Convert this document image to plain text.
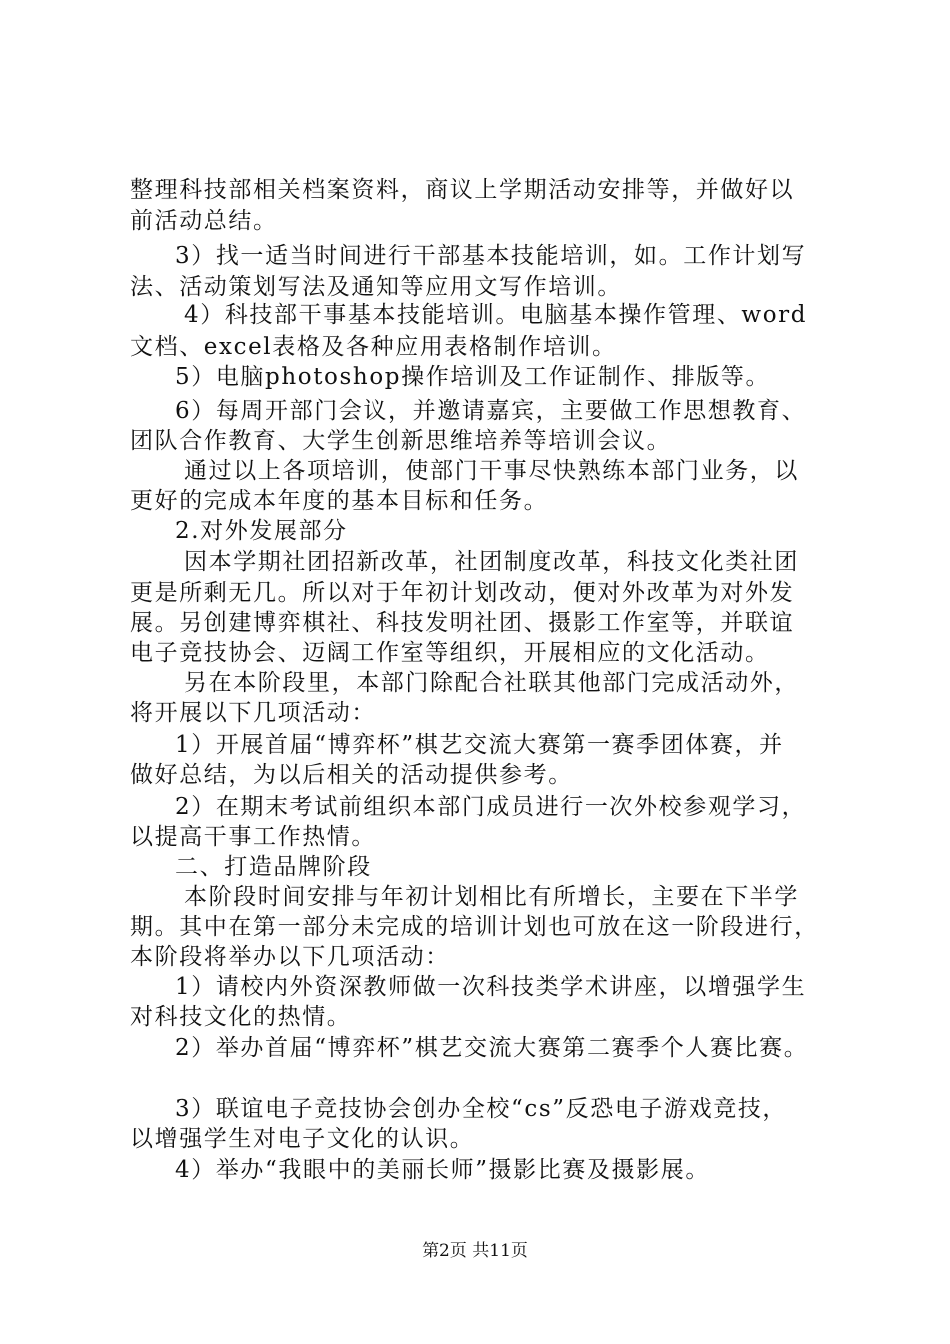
整理科技部相关档案资料，商议上学期活动安排等，并做好以
前活动总结。
3）找一适当时间进行干部基本技能培训，如。工作计划写
法、活动策划写法及通知等应用文写作培训。
4）科技部干事基本技能培训。电脑基本操作管理、word
文档、excel表格及各种应用表格制作培训。
5）电脑photoshop操作培训及工作证制作、排版等。
6）每周开部门会议，并邀请嘉宾，主要做工作思想教育、
团队合作教育、大学生创新思维培养等培训会议。
通过以上各项培训，使部门干事尽快熟练本部门业务，以
更好的完成本年度的基本目标和任务。
2.对外发展部分
因本学期社团招新改革，社团制度改革，科技文化类社团
更是所剩无几。所以对于年初计划改动，便对外改革为对外发
展。另创建博弈棋社、科技发明社团、摄影工作室等，并联谊
电子竞技协会、迈阔工作室等组织，开展相应的文化活动。
另在本阶段里，本部门除配合社联其他部门完成活动外，
将开展以下几项活动：
1）开展首届“博弈杯”棋艺交流大赛第一赛季团体赛，并
做好总结，为以后相关的活动提供参考。
2）在期末考试前组织本部门成员进行一次外校参观学习，
以提高干事工作热情。
二、打造品牌阶段
本阶段时间安排与年初计划相比有所增长，主要在下半学
期。其中在第一部分未完成的培训计划也可放在这一阶段进行，
本阶段将举办以下几项活动：
1）请校内外资深教师做一次科技类学术讲座，以增强学生
对科技文化的热情。
2）举办首届“博弈杯”棋艺交流大赛第二赛季个人赛比赛。
3）联谊电子竞技协会创办全校“cs”反恐电子游戏竞技，
以增强学生对电子文化的认识。
4）举办“我眼中的美丽长师”摄影比赛及摄影展。
第2页 共11页
